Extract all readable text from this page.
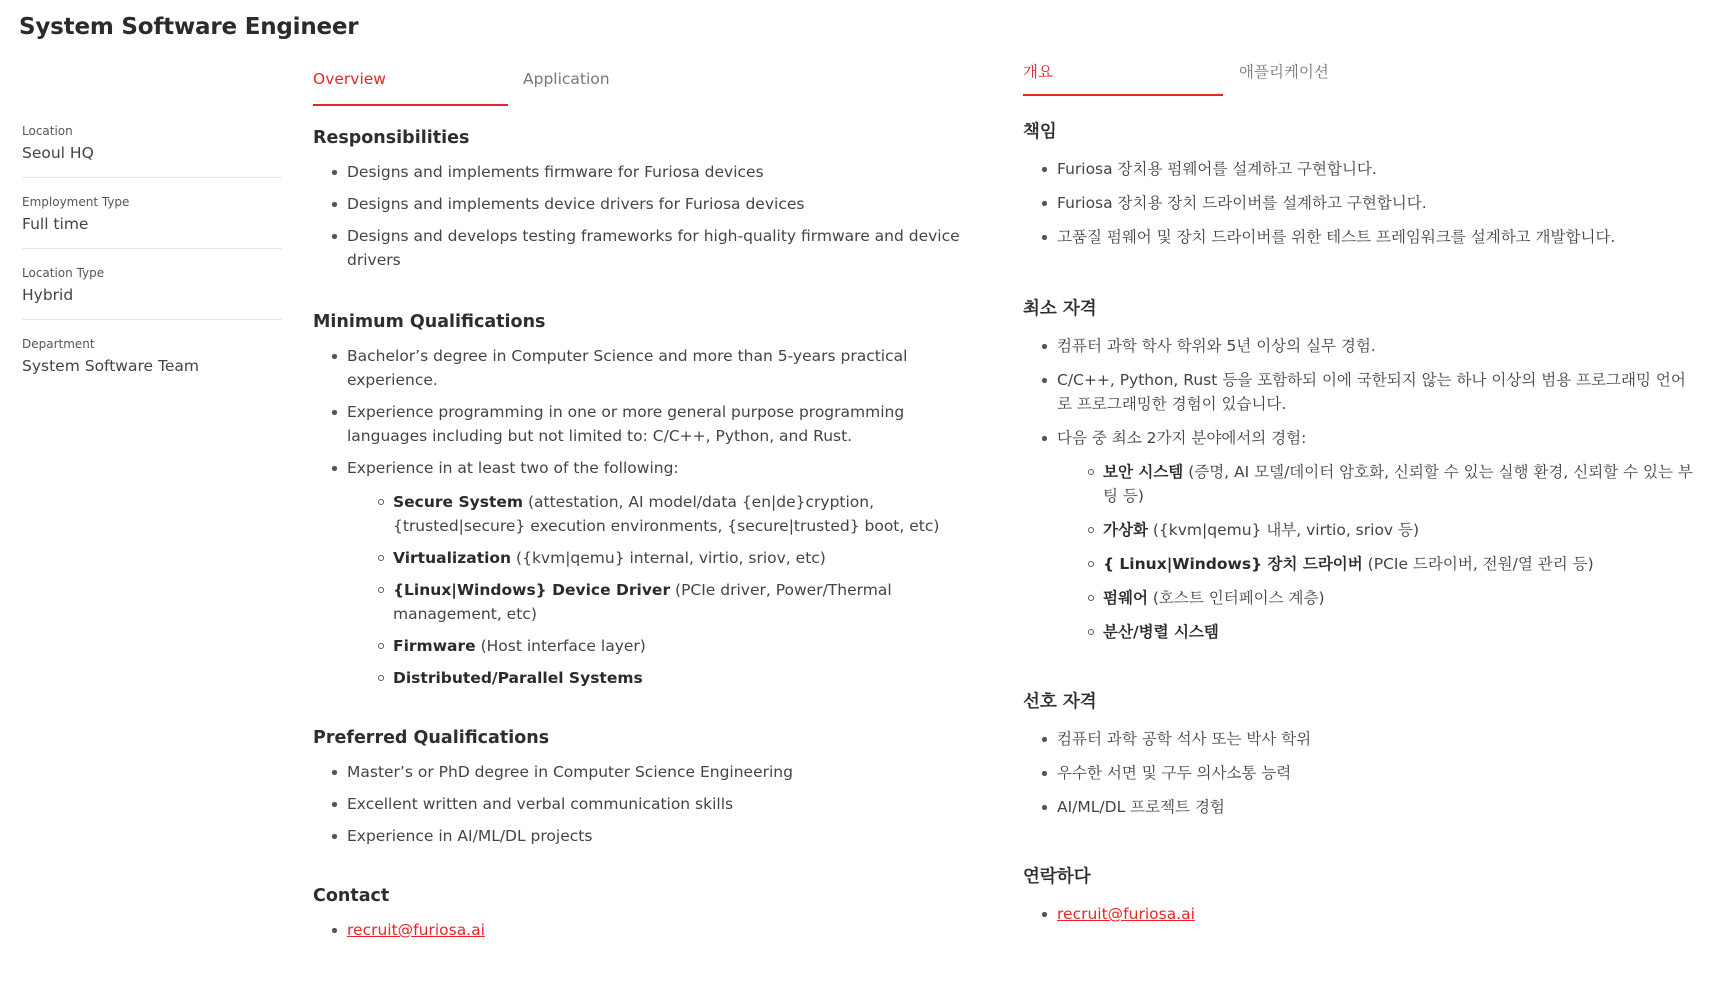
System Software Engineer
Location
Seoul HQ
Employment Type
Full time
Location Type
Hybrid
Department
System Software Team
Overview	Application
Responsibilities
Designs and implements firmware for Furiosa devices
Designs and implements device drivers for Furiosa devices
Designs and develops testing frameworks for high-quality firmware and device drivers
Minimum Qualifications
Bachelor’s degree in Computer Science and more than 5-years practical experience.
Experience programming in one or more general purpose programming languages including but not limited to: C/C++, Python, and Rust.
Experience in at least two of the following:
Secure System (attestation, AI model/data {en|de}cryption, {trusted|secure} execution environments, {secure|trusted} boot, etc)
Virtualization ({kvm|qemu} internal, virtio, sriov, etc)
{Linux|Windows} Device Driver (PCIe driver, Power/Thermal management, etc)
Firmware (Host interface layer)
Distributed/Parallel Systems
Preferred Qualifications
Master’s or PhD degree in Computer Science Engineering
Excellent written and verbal communication skills
Experience in AI/ML/DL projects
Contact
recruit@furiosa.ai
개요	애플리케이션
책임
Furiosa 장치용 펌웨어를 설계하고 구현합니다.
Furiosa 장치용 장치 드라이버를 설계하고 구현합니다.
고품질 펌웨어 및 장치 드라이버를 위한 테스트 프레임워크를 설계하고 개발합니다.
최소 자격
컴퓨터 과학 학사 학위와 5년 이상의 실무 경험.
C/C++, Python, Rust 등을 포함하되 이에 국한되지 않는 하나 이상의 범용 프로그래밍 언어로 프로그래밍한 경험이 있습니다.
다음 중 최소 2가지 분야에서의 경험:
보안 시스템 (증명, AI 모델/데이터 암호화, 신뢰할 수 있는 실행 환경, 신뢰할 수 있는 부팅 등)
가상화 ({kvm|qemu} 내부, virtio, sriov 등)
{ Linux|Windows} 장치 드라이버 (PCIe 드라이버, 전원/열 관리 등)
펌웨어 (호스트 인터페이스 계층)
분산/병렬 시스템
선호 자격
컴퓨터 과학 공학 석사 또는 박사 학위
우수한 서면 및 구두 의사소통 능력
AI/ML/DL 프로젝트 경험
연락하다
recruit@furiosa.ai
